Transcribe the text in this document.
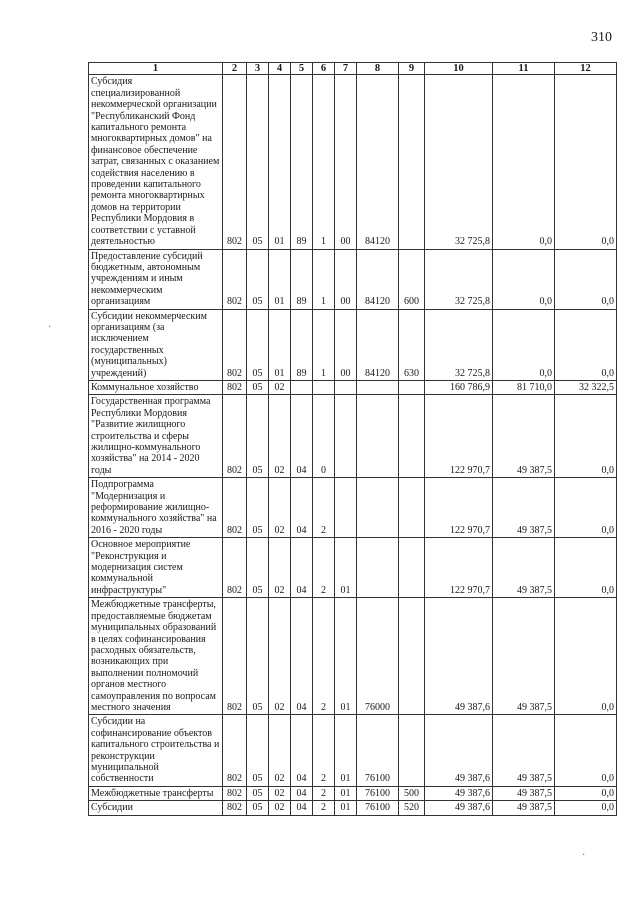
310
1	2	3	4	5	6	7	8	9	10	11	12
Субсидия специализированной некоммерческой организации "Республиканский Фонд капитального ремонта многоквартирных домов" на финансовое обеспечение затрат, связанных с оказанием содействия населению в проведении капитального ремонта многоквартирных домов на территории Республики Мордовия в соответствии с уставной деятельностью	802	05	01	89	1	00	84120		32 725,8	0,0	0,0
Предоставление субсидий бюджетным, автономным учреждениям и иным некоммерческим организациям	802	05	01	89	1	00	84120	600	32 725,8	0,0	0,0
Субсидии некоммерческим организациям (за исключением государственных (муниципальных) учреждений)	802	05	01	89	1	00	84120	630	32 725,8	0,0	0,0
Коммунальное хозяйство	802	05	02						160 786,9	81 710,0	32 322,5
Государственная программа Республики Мордовия "Развитие жилищного строительства и сферы жилищно-коммунального хозяйства" на 2014 - 2020 годы	802	05	02	04	0				122 970,7	49 387,5	0,0
Подпрограмма "Модернизация и реформирование жилищно-коммунального хозяйства" на 2016 - 2020 годы	802	05	02	04	2				122 970,7	49 387,5	0,0
Основное мероприятие "Реконструкция и модернизация систем коммунальной инфраструктуры"	802	05	02	04	2	01			122 970,7	49 387,5	0,0
Межбюджетные трансферты, предоставляемые бюджетам муниципальных образований в целях софинансирования расходных обязательств, возникающих при выполнении полномочий органов местного самоуправления по вопросам местного значения	802	05	02	04	2	01	76000		49 387,6	49 387,5	0,0
Субсидии на софинансирование объектов капитального строительства и реконструкции муниципальной собственности	802	05	02	04	2	01	76100		49 387,6	49 387,5	0,0
Межбюджетные трансферты	802	05	02	04	2	01	76100	500	49 387,6	49 387,5	0,0
Субсидии	802	05	02	04	2	01	76100	520	49 387,6	49 387,5	0,0
·
·
